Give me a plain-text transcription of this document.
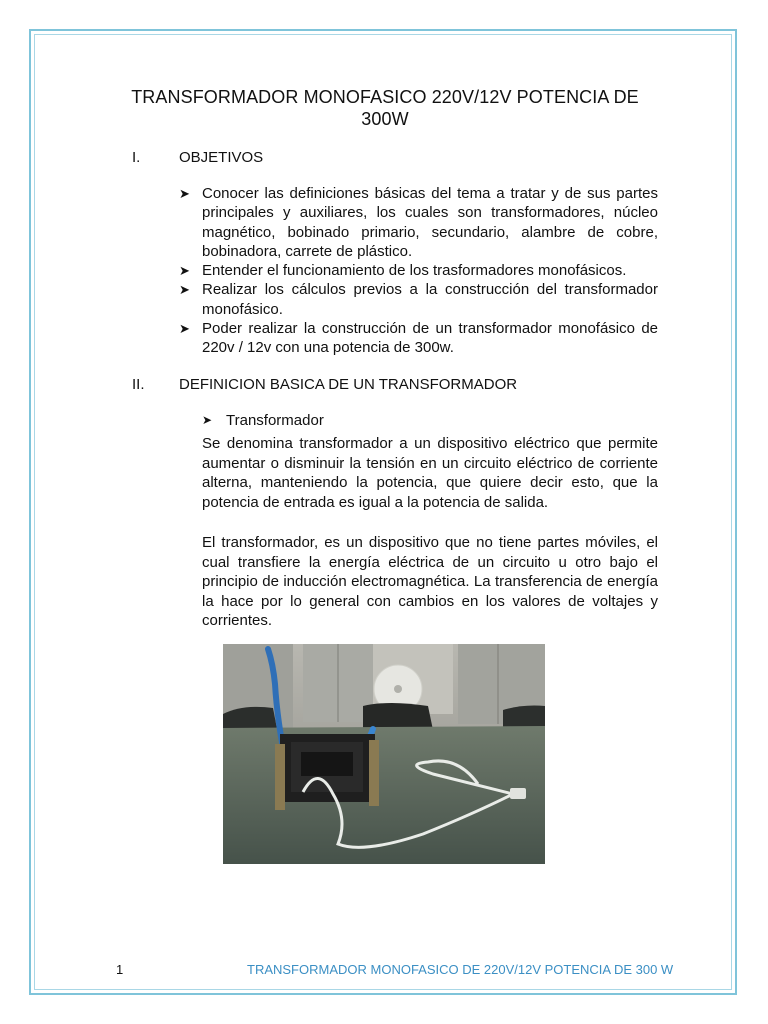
TRANSFORMADOR MONOFASICO 220V/12V POTENCIA DE 300W
I.	OBJETIVOS
➤ Conocer las definiciones básicas del tema a tratar y de sus partes principales y auxiliares, los cuales son transformadores, núcleo magnético, bobinado primario, secundario, alambre de cobre, bobinadora, carrete de plástico.
➤ Entender el funcionamiento de los trasformadores monofásicos.
➤ Realizar los cálculos previos a la construcción del transformador monofásico.
➤ Poder realizar la construcción de un transformador monofásico de 220v / 12v con una potencia de 300w.
II. DEFINICION BASICA DE UN TRANSFORMADOR
➤ Transformador

Se denomina transformador a un dispositivo eléctrico que permite aumentar o disminuir la tensión en un circuito eléctrico de corriente alterna, manteniendo la potencia, que quiere decir esto, que la potencia de entrada es igual a la potencia de salida.

El transformador, es un dispositivo que no tiene partes móviles, el cual transfiere la energía eléctrica de un circuito u otro bajo el principio de inducción electromagnética. La transferencia de energía la hace por lo general con cambios en los valores de voltajes y corrientes.

1	TRANSFORMADOR MONOFASICO DE 220V/12V POTENCIA DE 300 W
